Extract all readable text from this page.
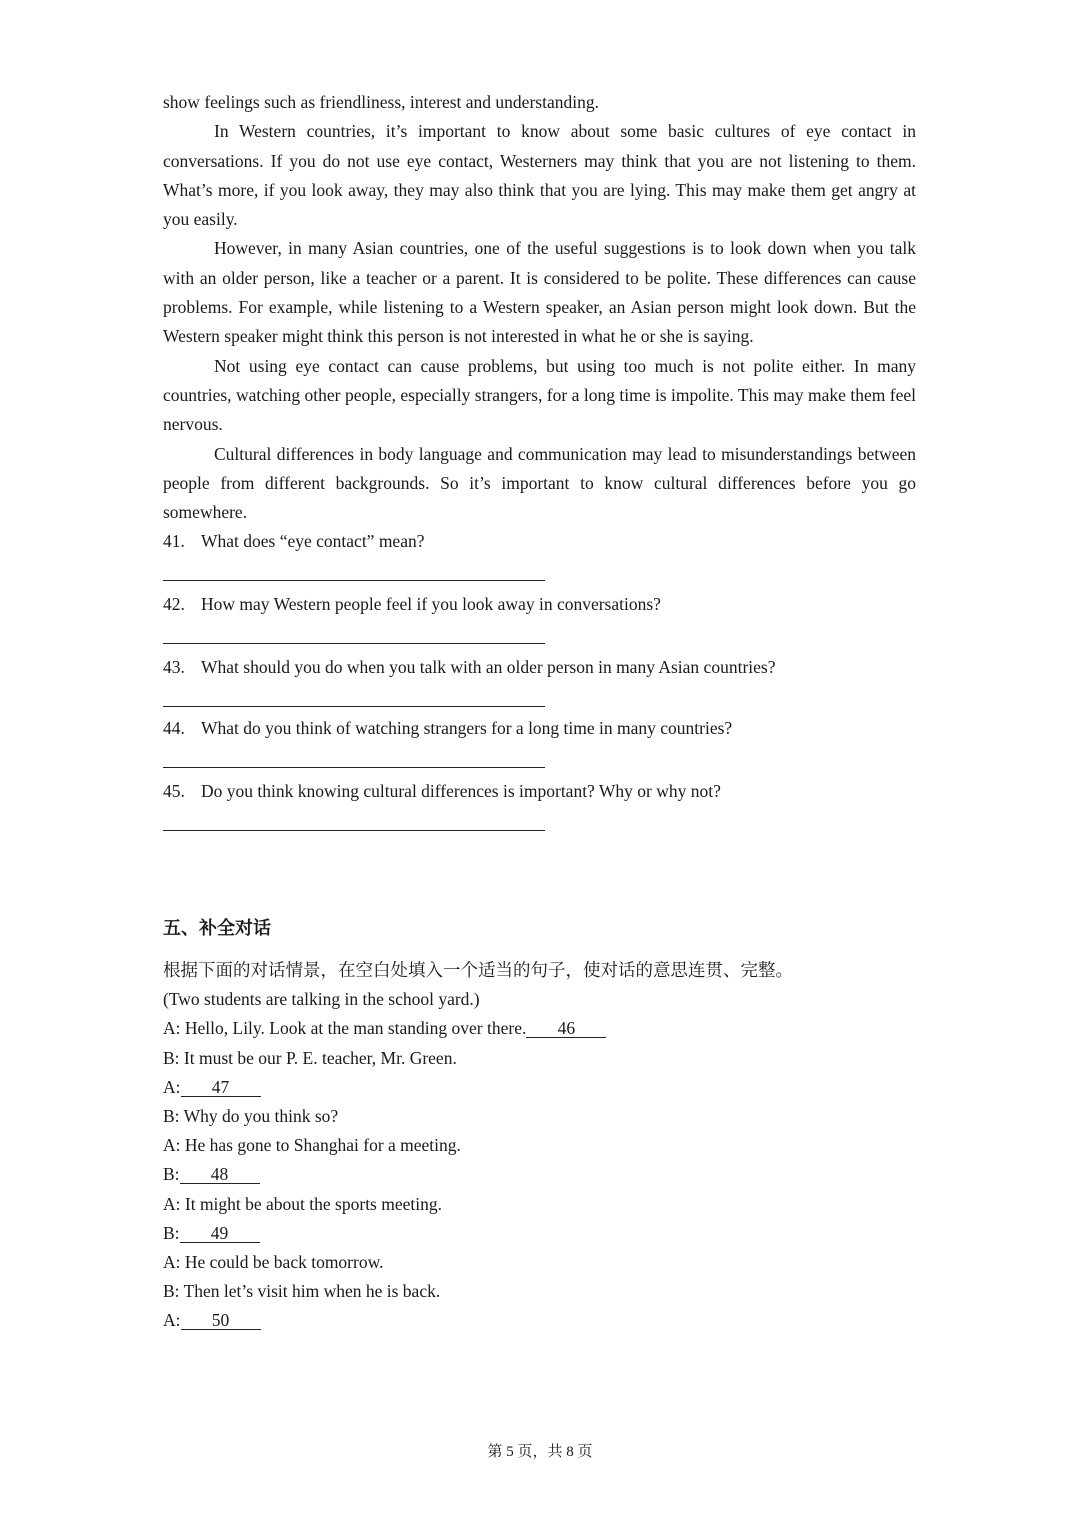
show feelings such as friendliness, interest and understanding.

In Western countries, it’s important to know about some basic cultures of eye contact in conversations. If you do not use eye contact, Westerners may think that you are not listening to them. What’s more, if you look away, they may also think that you are lying. This may make them get angry at you easily.

However, in many Asian countries, one of the useful suggestions is to look down when you talk with an older person, like a teacher or a parent. It is considered to be polite. These differences can cause problems. For example, while listening to a Western speaker, an Asian person might look down. But the Western speaker might think this person is not interested in what he or she is saying.

Not using eye contact can cause problems, but using too much is not polite either. In many countries, watching other people, especially strangers, for a long time is impolite. This may make them feel nervous.

Cultural differences in body language and communication may lead to misunderstandings between people from different backgrounds. So it’s important to know cultural differences before you go somewhere.

41. What does “eye contact” mean?
42. How may Western people feel if you look away in conversations?
43. What should you do when you talk with an older person in many Asian countries?
44. What do you think of watching strangers for a long time in many countries?
45. Do you think knowing cultural differences is important? Why or why not?
五、补全对话
根据下面的对话情景，在空白处填入一个适当的句子，使对话的意思连贯、完整。
(Two students are talking in the school yard.)
A: Hello, Lily. Look at the man standing over there. 46
B: It must be our P. E. teacher, Mr. Green.
A: 47
B: Why do you think so?
A: He has gone to Shanghai for a meeting.
B: 48
A: It might be about the sports meeting.
B: 49
A: He could be back tomorrow.
B: Then let’s visit him when he is back.
A: 50
第 5 页，共 8 页
